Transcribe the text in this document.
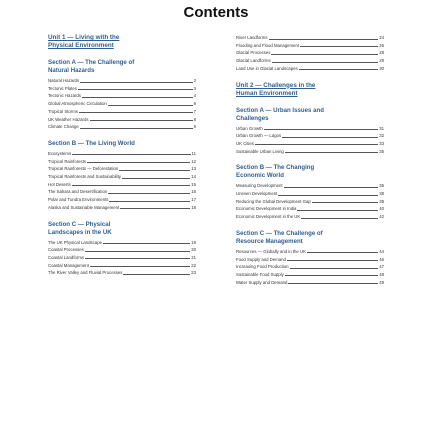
Contents
Unit 1 — Living with the
Physical Environment
Section A — The Challenge of
Natural Hazards
Natural Hazards	2
Tectonic Plates	3
Tectonic Hazards	4
Global Atmospheric Circulation	6
Tropical Storms	7
UK Weather Hazards	8
Climate Change	9
Section B — The Living World
Ecosystems	11
Tropical Rainforests	12
Tropical Rainforests — Deforestation	13
Tropical Rainforests and Sustainability	14
Hot Deserts	15
The Sahara and Desertification	16
Polar and Tundra Environments	17
Alaska and Sustainable Management	18
Section C — Physical
Landscapes in the UK
The UK Physical Landscape	19
Coastal Processes	20
Coastal Landforms	21
Coastal Management	22
The River Valley and Fluvial Processes	23
River Landforms	24
Flooding and Flood Management	26
Glacial Processes	28
Glacial Landforms	29
Land Use in Glacial Landscapes	30
Unit 2 — Challenges in the
Human Environment
Section A — Urban Issues and
Challenges
Urban Growth	31
Urban Growth — Lagos	32
UK Cities	33
Sustainable Urban Living	35
Section B — The Changing
Economic World
Measuring Development	36
Uneven Development	38
Reducing the Global Development Gap	39
Economic Development in India	40
Economic Development in the UK	42
Section C — The Challenge of
Resource Management
Resources — Globally and in the UK	44
Food Supply and Demand	46
Increasing Food Production	47
Sustainable Food Supply	48
Water Supply and Demand	49
